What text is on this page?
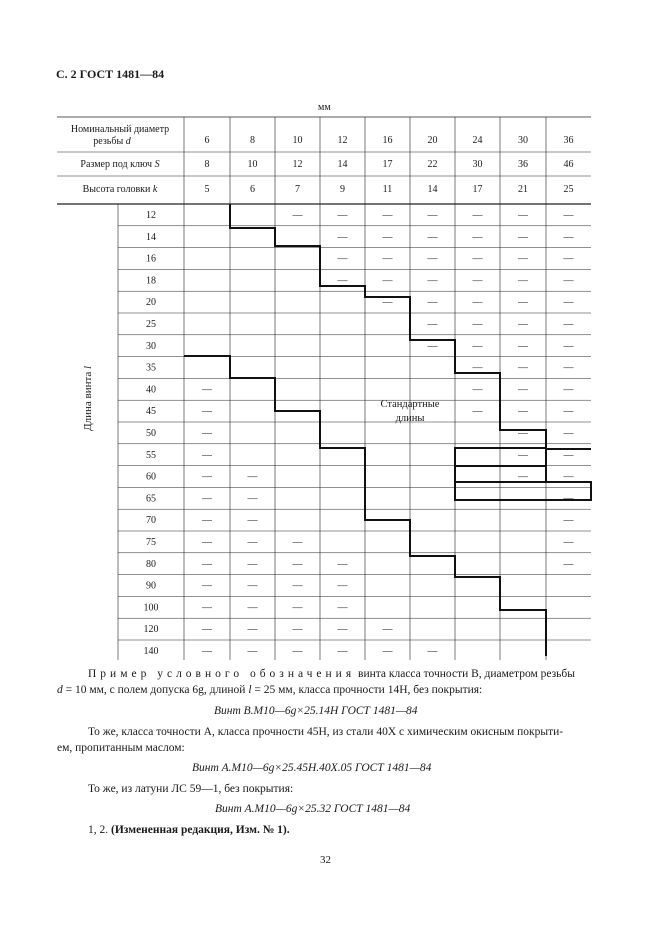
С. 2 ГОСТ 1481—84
мм
Номинальный диаметр
резьбы d
Размер под ключ S
Высота головки k
6
8
5
8
10
6
10
12
7
12
14
9
16
17
11
20
22
14
24
30
17
30
36
21
36
46
25
12
14
16
18
20
25
30
35
40
45
50
55
60
65
70
75
80
90
100
120
140
Длина винта l
—
—
—
—
—
—
—
—
—
—
—
—
—
—
—
—
—
—
—
—
—
—
—
—
—
—
—
—
—
—
—
—
—
—
—
—
—
—
—
—
—
—
—
—
—
—
—
—
—
—
—
—
—
—
—
—
—
—
—
—
—
—
—
—
—
—
—
—
—
—
—
—
—
—
—
—
—
—
—
—
—
—
—
—
—
—
—
—
—
—
—
—
—
Стандартные
длины
Пример условного обозначения винта класса точности В, диаметром резьбы
d = 10 мм, с полем допуска 6g, длиной l = 25 мм, класса прочности 14Н, без покрытия:
Винт В.М10—6g×25.14Н ГОСТ 1481—84
То же, класса точности А, класса прочности 45Н, из стали 40Х с химическим окисным покрыти-
ем, пропитанным маслом:
Винт А.М10—6g×25.45Н.40Х.05 ГОСТ 1481—84
То же, из латуни ЛС 59—1, без покрытия:
Винт А.М10—6g×25.32 ГОСТ 1481—84
1, 2. (Измененная редакция, Изм. № 1).
32
